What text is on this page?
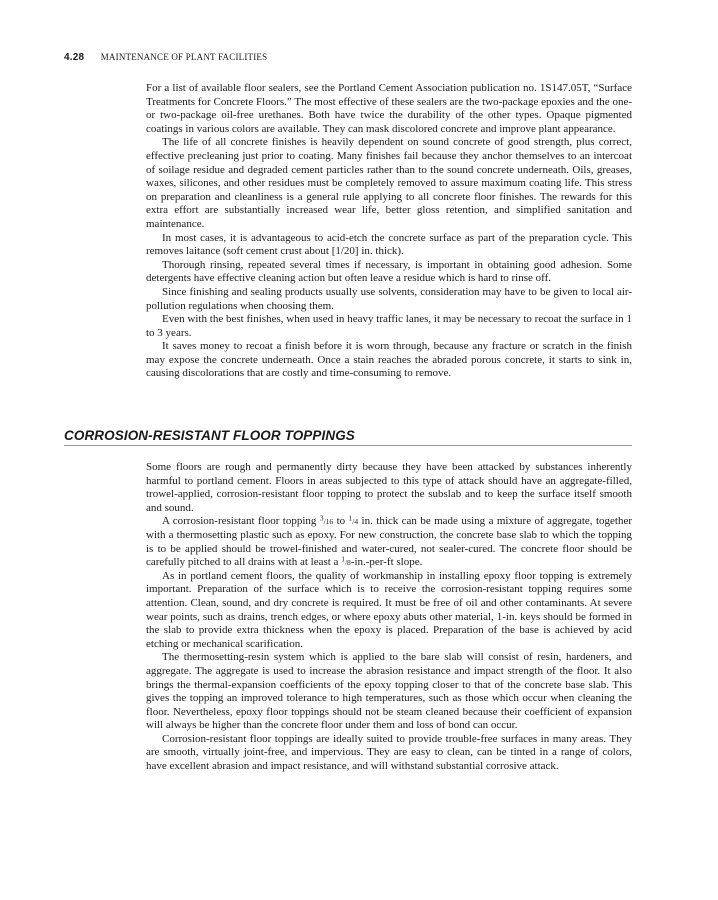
4.28 MAINTENANCE OF PLANT FACILITIES

For a list of available floor sealers, see the Portland Cement Association publication no. 1S147.05T, “Surface Treatments for Concrete Floors.” The most effective of these sealers are the two-package epoxies and the one- or two-package oil-free urethanes. Both have twice the durability of the other types. Opaque pigmented coatings in various colors are available. They can mask discolored concrete and improve plant appearance.

The life of all concrete finishes is heavily dependent on sound concrete of good strength, plus correct, effective precleaning just prior to coating. Many finishes fail because they anchor themselves to an intercoat of soilage residue and degraded cement particles rather than to the sound concrete underneath. Oils, greases, waxes, silicones, and other residues must be completely removed to assure maximum coating life. This stress on preparation and cleanliness is a general rule applying to all concrete floor finishes. The rewards for this extra effort are substantially increased wear life, better gloss retention, and simplified sanitation and maintenance.

In most cases, it is advantageous to acid-etch the concrete surface as part of the preparation cycle. This removes laitance (soft cement crust about [1/20] in. thick).

Thorough rinsing, repeated several times if necessary, is important in obtaining good adhesion. Some detergents have effective cleaning action but often leave a residue which is hard to rinse off.

Since finishing and sealing products usually use solvents, consideration may have to be given to local air-pollution regulations when choosing them.

Even with the best finishes, when used in heavy traffic lanes, it may be necessary to recoat the surface in 1 to 3 years.

It saves money to recoat a finish before it is worn through, because any fracture or scratch in the finish may expose the concrete underneath. Once a stain reaches the abraded porous concrete, it starts to sink in, causing discolorations that are costly and time-consuming to remove.

CORROSION-RESISTANT FLOOR TOPPINGS

Some floors are rough and permanently dirty because they have been attacked by substances inherently harmful to portland cement. Floors in areas subjected to this type of attack should have an aggregate-filled, trowel-applied, corrosion-resistant floor topping to protect the subslab and to keep the surface itself smooth and sound.

A corrosion-resistant floor topping $^3$/16 to $^1$/4 in. thick can be made using a mixture of aggregate, together with a thermosetting plastic such as epoxy. For new construction, the concrete base slab to which the topping is to be applied should be trowel-finished and water-cured, not sealer-cured. The concrete floor should be carefully pitched to all drains with at least a $^1$/8-in.-per-ft slope.

As in portland cement floors, the quality of workmanship in installing epoxy floor topping is extremely important. Preparation of the surface which is to receive the corrosion-resistant topping requires some attention. Clean, sound, and dry concrete is required. It must be free of oil and other contaminants. At severe wear points, such as drains, trench edges, or where epoxy abuts other material, 1-in. keys should be formed in the slab to provide extra thickness when the epoxy is placed. Preparation of the base is achieved by acid etching or mechanical scarification.

The thermosetting-resin system which is applied to the bare slab will consist of resin, hardeners, and aggregate. The aggregate is used to increase the abrasion resistance and impact strength of the floor. It also brings the thermal-expansion coefficients of the epoxy topping closer to that of the concrete base slab. This gives the topping an improved tolerance to high temperatures, such as those which occur when cleaning the floor. Nevertheless, epoxy floor toppings should not be steam cleaned because their coefficient of expansion will always be higher than the concrete floor under them and loss of bond can occur.

Corrosion-resistant floor toppings are ideally suited to provide trouble-free surfaces in many areas. They are smooth, virtually joint-free, and impervious. They are easy to clean, can be tinted in a range of colors, have excellent abrasion and impact resistance, and will withstand substantial corrosive attack.
